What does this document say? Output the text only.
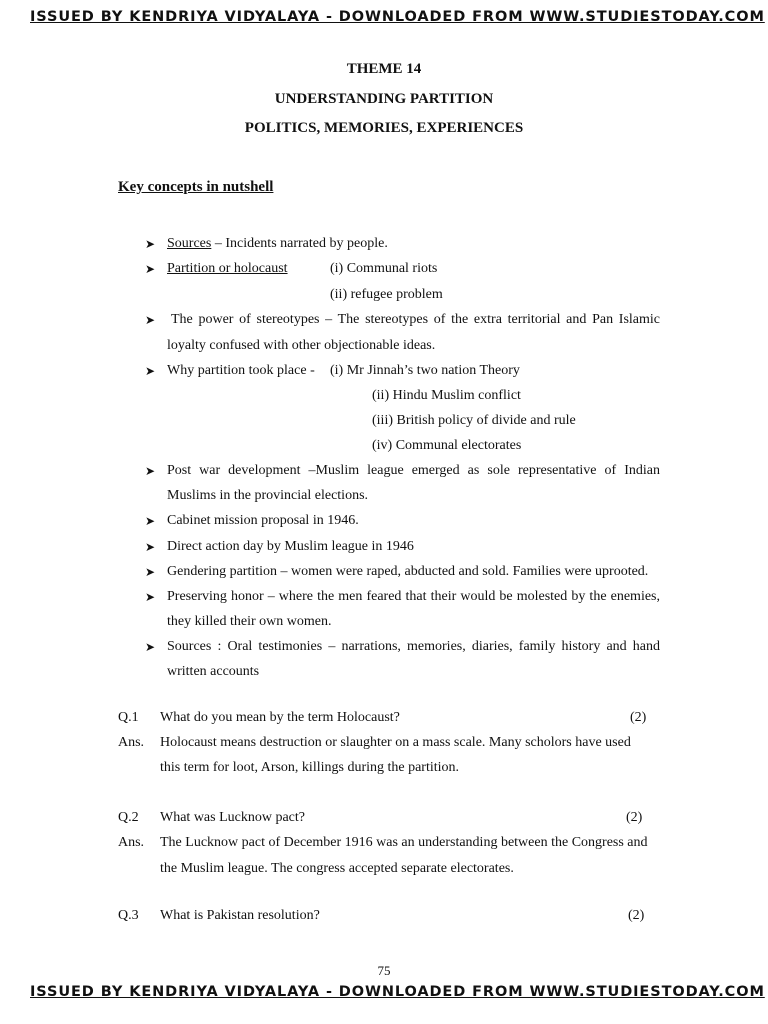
ISSUED BY KENDRIYA VIDYALAYA - DOWNLOADED FROM WWW.STUDIESTODAY.COM
THEME 14
UNDERSTANDING PARTITION
POLITICS, MEMORIES, EXPERIENCES
Key concepts in nutshell
➤ Sources – Incidents narrated by people.
➤ Partition or holocaust	(i) Communal riots
(ii) refugee problem
➤ The power of stereotypes – The stereotypes of the extra territorial and Pan Islamic
loyalty confused with other objectionable ideas.
➤ Why partition took place - (i) Mr Jinnah’s two nation Theory
(ii) Hindu Muslim conflict
(iii) British policy of divide and rule
(iv) Communal electorates
➤ Post war development –Muslim league emerged as sole representative of Indian
Muslims in the provincial elections.
➤ Cabinet mission proposal in 1946.
➤ Direct action day by Muslim league in 1946
➤ Gendering partition – women were raped, abducted and sold. Families were uprooted.
➤ Preserving honor – where the men feared that their would be molested by the enemies,
they killed their own women.
➤ Sources : Oral testimonies – narrations, memories, diaries, family history and hand
written accounts
Q.1 What do you mean by the term Holocaust?	(2)
Ans. Holocaust means destruction or slaughter on a mass scale. Many scholors have used
this term for loot, Arson, killings during the partition.
Q.2 What was Lucknow pact?	(2)
Ans. The Lucknow pact of December 1916 was an understanding between the Congress and
the Muslim league. The congress accepted separate electorates.
Q.3 What is Pakistan resolution?	(2)
75
ISSUED BY KENDRIYA VIDYALAYA - DOWNLOADED FROM WWW.STUDIESTODAY.COM
